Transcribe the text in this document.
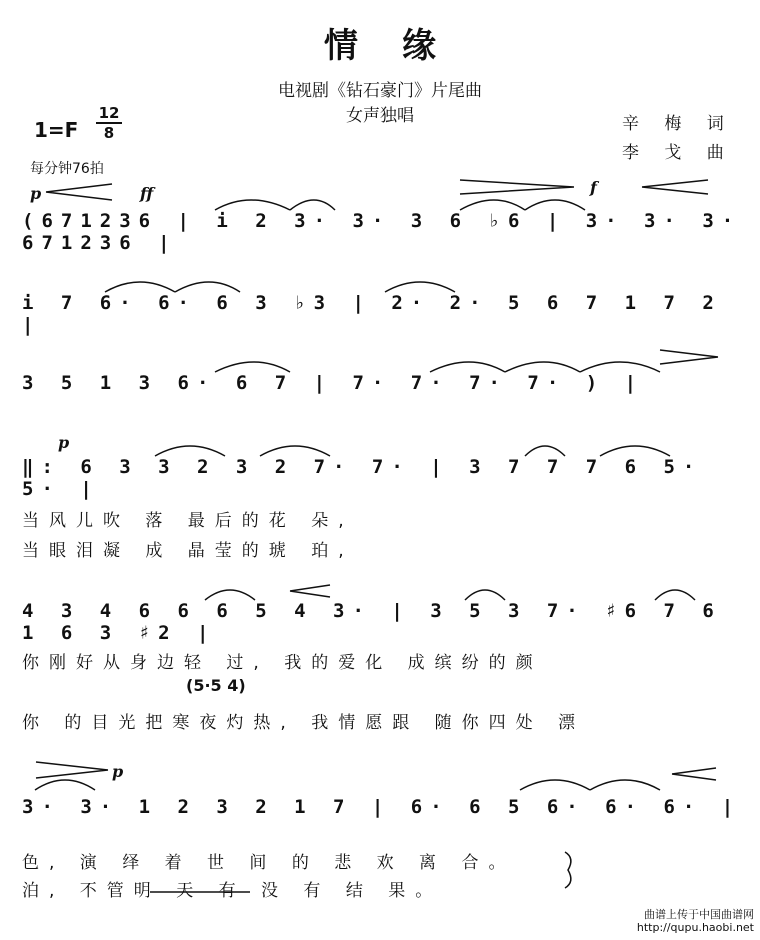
情缘
电视剧《钻石豪门》片尾曲
女声独唱	辛 梅 词
李 戈 曲
1=F
12
8
每分钟76拍
p	ff	f
p
p
(671236 | i 2 3· 3· 3 6 ♭6 | 3· 3· 3· 671236 |
i 7 6· 6· 6 3 ♭3 | 2· 2· 5 6 7 1 7 2 |
3 5 1 3 6· 6 7 | 7· 7· 7· 7· ) |
‖: 6 3 3 2 3 2 7· 7· | 3 7 7 7 6 5· 5· |
4 3 4 6 6 6 5 4 3· | 3 5 3 7· ♯6 7 6 1 6 3 ♯2 |
3· 3· 1 2 3 2 1 7 | 6· 6 5 6· 6· 6· |
当风儿吹 落 最后的花 朵,
当眼泪凝 成 晶莹的琥 珀,
你刚好从身边轻 过, 我的爱化 成缤纷的颜
(5·5 4)
你 的目光把寒夜灼热, 我情愿跟 随你四处 漂
色, 演 绎 着 世 间 的 悲 欢 离 合。
泊, 不管明 天 有 没 有 结 果。
曲谱上传于中国曲谱网
http://qupu.haobi.net
